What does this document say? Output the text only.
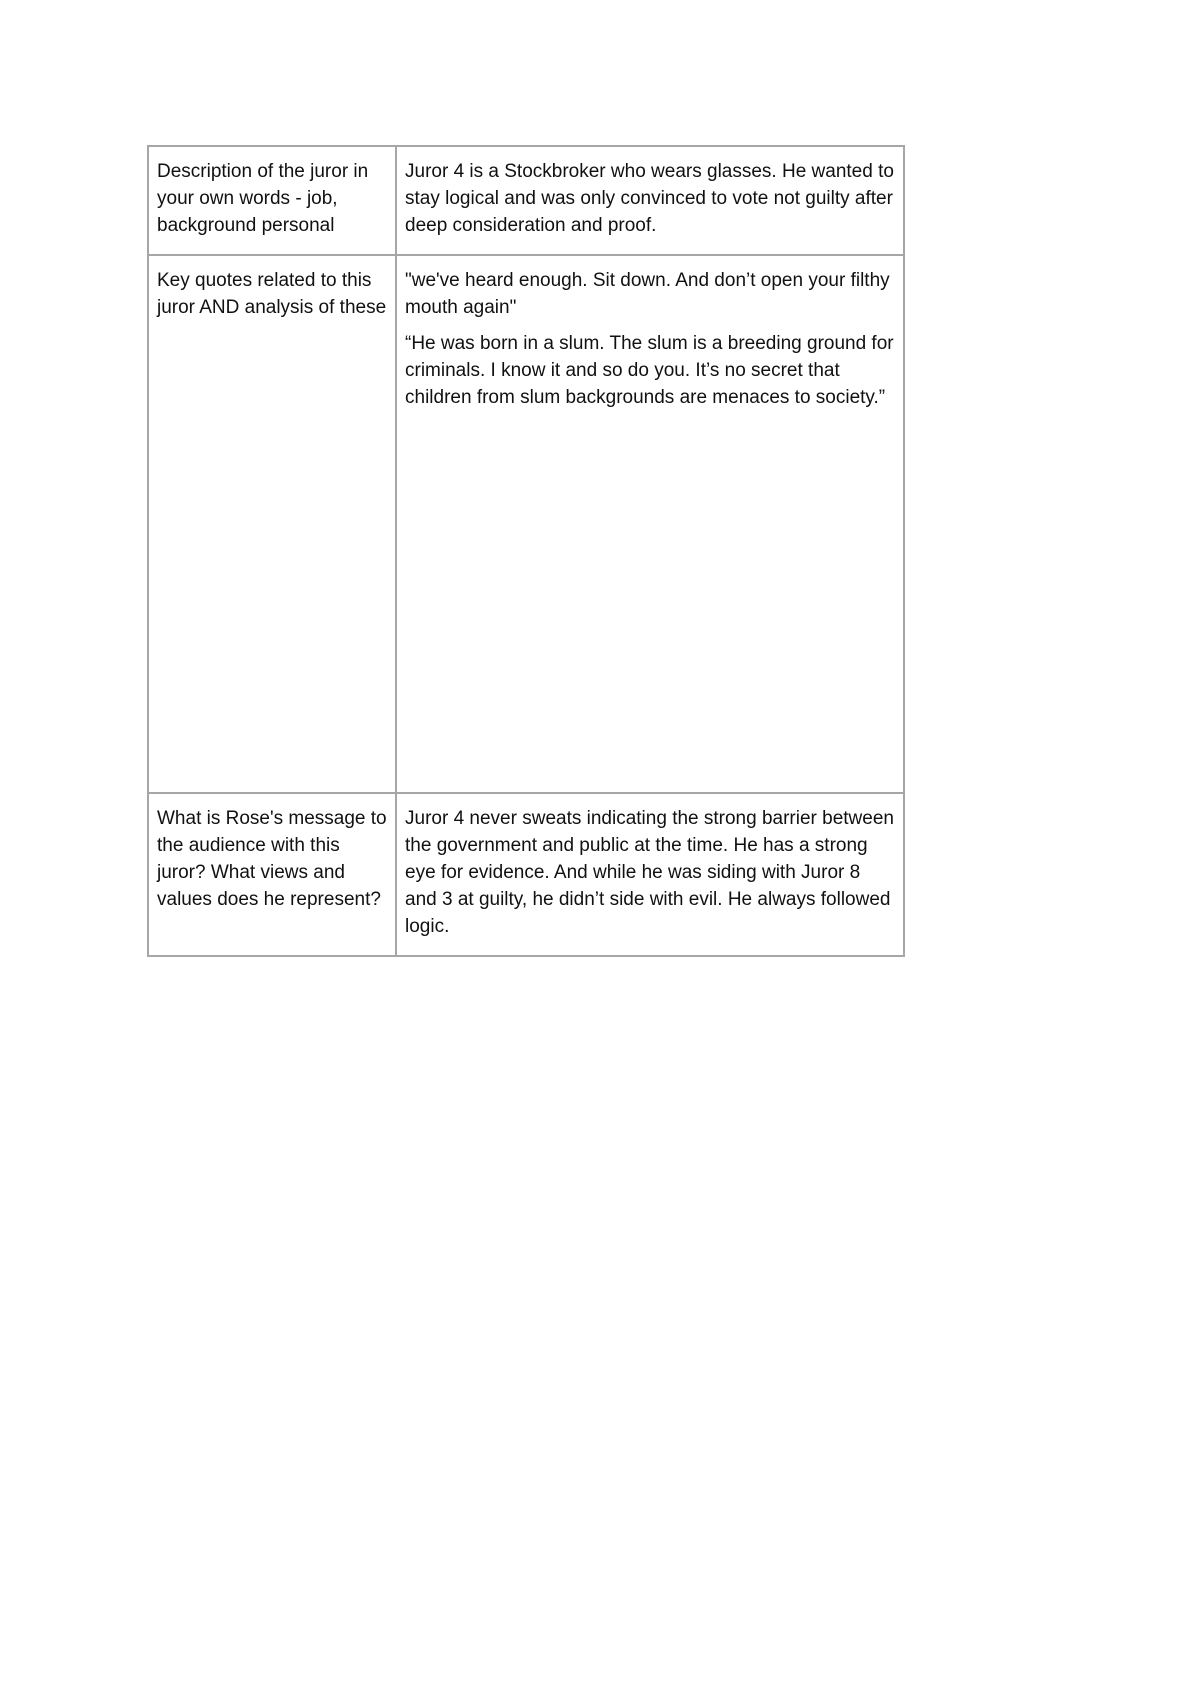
Description of the juror in your own words - job, background personal	Juror 4 is a Stockbroker who wears glasses. He wanted to stay logical and was only convinced to vote not guilty after deep consideration and proof.

Key quotes related to this juror AND analysis of these	"we've heard enough. Sit down. And don’t open your filthy mouth again"

“He was born in a slum. The slum is a breeding ground for criminals. I know it and so do you. It’s no secret that children from slum backgrounds are menaces to society.”

What is Rose's message to the audience with this juror? What views and values does he represent?	Juror 4 never sweats indicating the strong barrier between the government and public at the time. He has a strong eye for evidence. And while he was siding with Juror 8 and 3 at guilty, he didn’t side with evil. He always followed logic.
